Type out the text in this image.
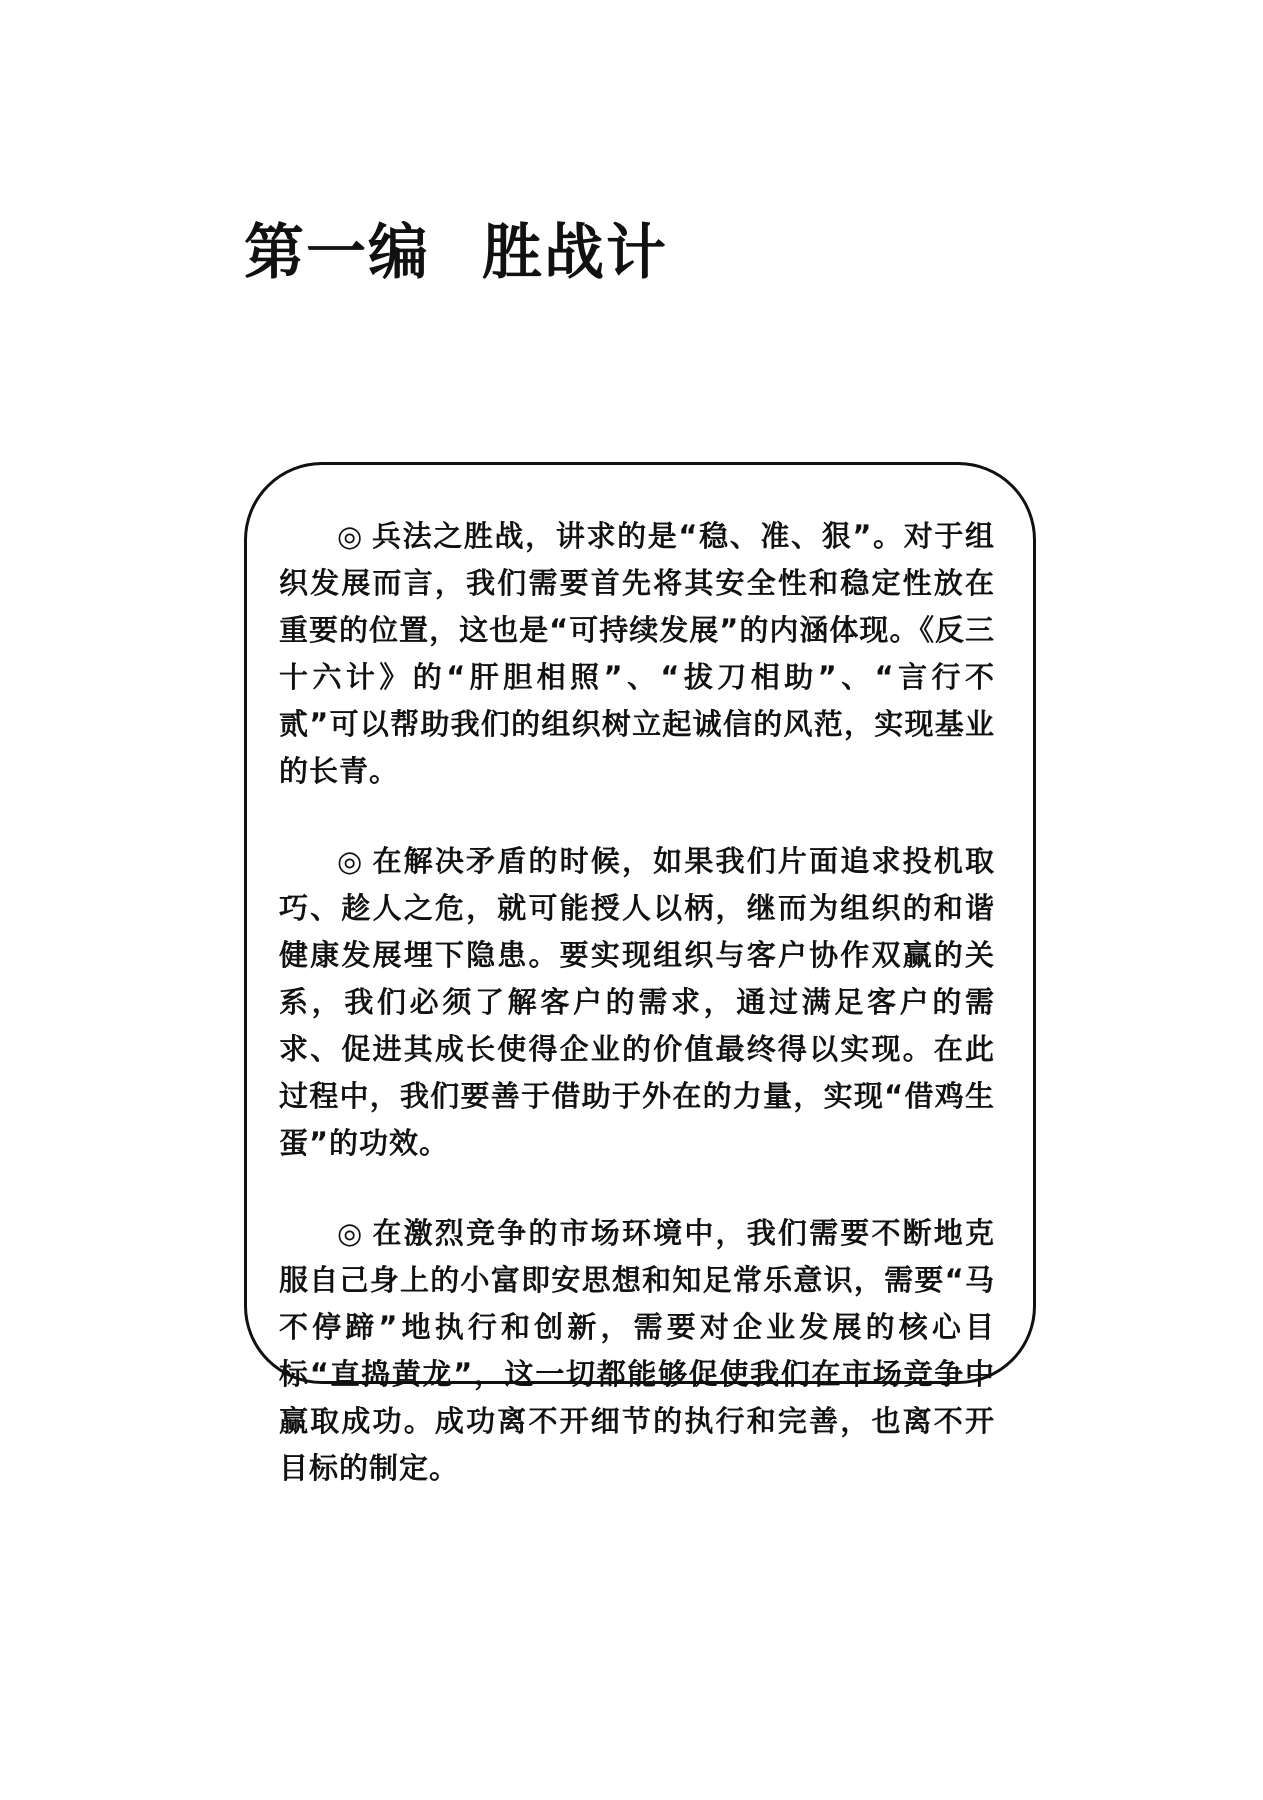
第一编 胜战计

◎ 兵法之胜战，讲求的是“稳、准、狠”。对于组织发展而言，我们需要首先将其安全性和稳定性放在重要的位置，这也是“可持续发展”的内涵体现。《反三十六计》的“肝胆相照”、“拔刀相助”、“言行不贰”可以帮助我们的组织树立起诚信的风范，实现基业的长青。

◎ 在解决矛盾的时候，如果我们片面追求投机取巧、趁人之危，就可能授人以柄，继而为组织的和谐健康发展埋下隐患。要实现组织与客户协作双赢的关系，我们必须了解客户的需求，通过满足客户的需求、促进其成长使得企业的价值最终得以实现。在此过程中，我们要善于借助于外在的力量，实现“借鸡生蛋”的功效。

◎ 在激烈竞争的市场环境中，我们需要不断地克服自己身上的小富即安思想和知足常乐意识，需要“马不停蹄”地执行和创新，需要对企业发展的核心目标“直捣黄龙”，这一切都能够促使我们在市场竞争中赢取成功。成功离不开细节的执行和完善，也离不开目标的制定。
